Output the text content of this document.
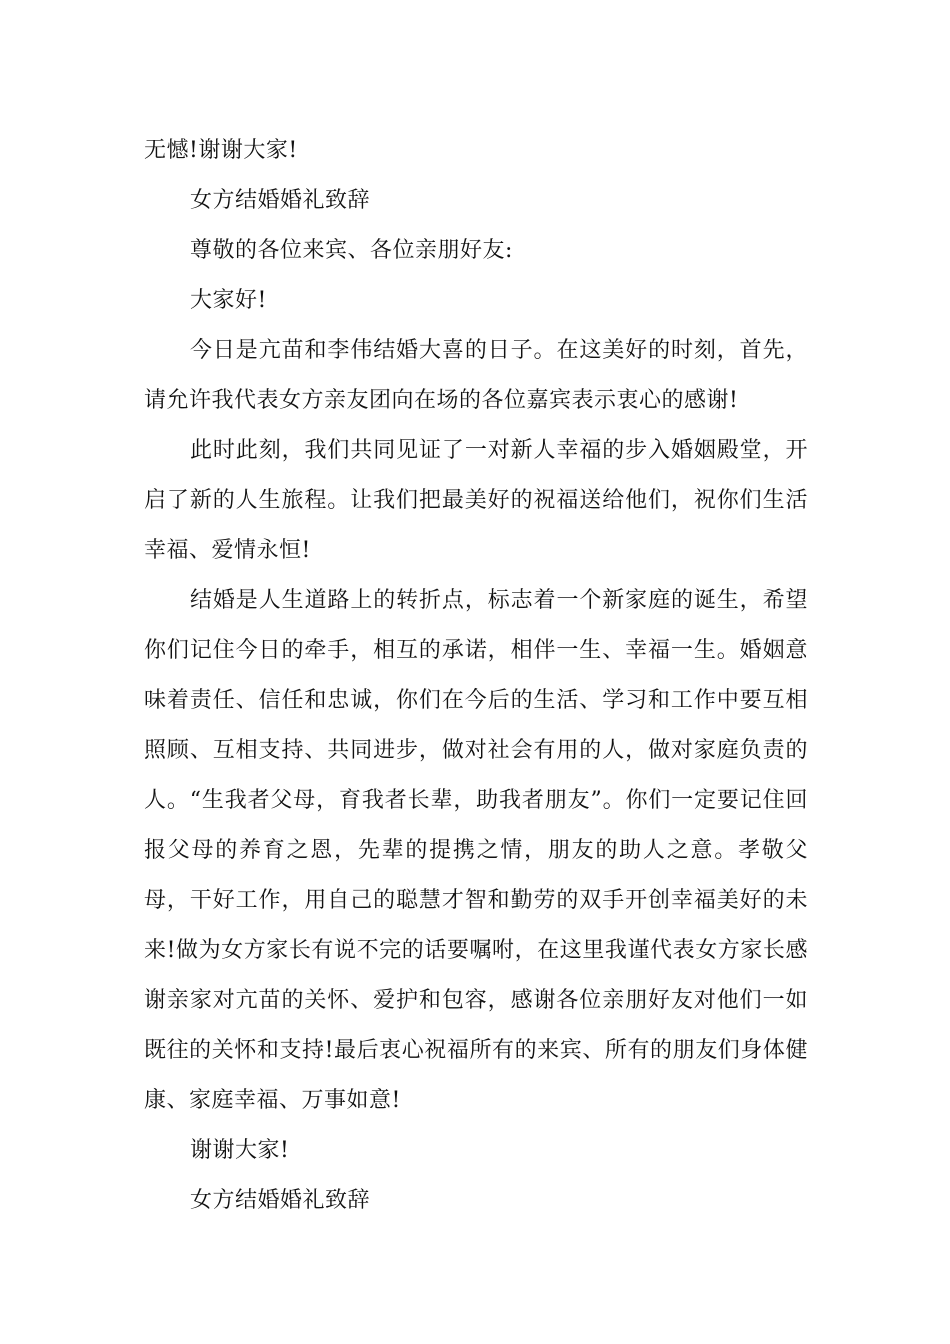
无憾!谢谢大家!

女方结婚婚礼致辞

尊敬的各位来宾、各位亲朋好友:

大家好!

今日是亢苗和李伟结婚大喜的日子。在这美好的时刻，首先，请允许我代表女方亲友团向在场的各位嘉宾表示衷心的感谢!

此时此刻，我们共同见证了一对新人幸福的步入婚姻殿堂，开启了新的人生旅程。让我们把最美好的祝福送给他们，祝你们生活幸福、爱情永恒!

结婚是人生道路上的转折点，标志着一个新家庭的诞生，希望你们记住今日的牵手，相互的承诺，相伴一生、幸福一生。婚姻意味着责任、信任和忠诚，你们在今后的生活、学习和工作中要互相照顾、互相支持、共同进步，做对社会有用的人，做对家庭负责的人。“生我者父母，育我者长辈，助我者朋友”。你们一定要记住回报父母的养育之恩，先辈的提携之情，朋友的助人之意。孝敬父母，干好工作，用自己的聪慧才智和勤劳的双手开创幸福美好的未来!做为女方家长有说不完的话要嘱咐，在这里我谨代表女方家长感谢亲家对亢苗的关怀、爱护和包容，感谢各位亲朋好友对他们一如既往的关怀和支持!最后衷心祝福所有的来宾、所有的朋友们身体健康、家庭幸福、万事如意!

谢谢大家!

女方结婚婚礼致辞
